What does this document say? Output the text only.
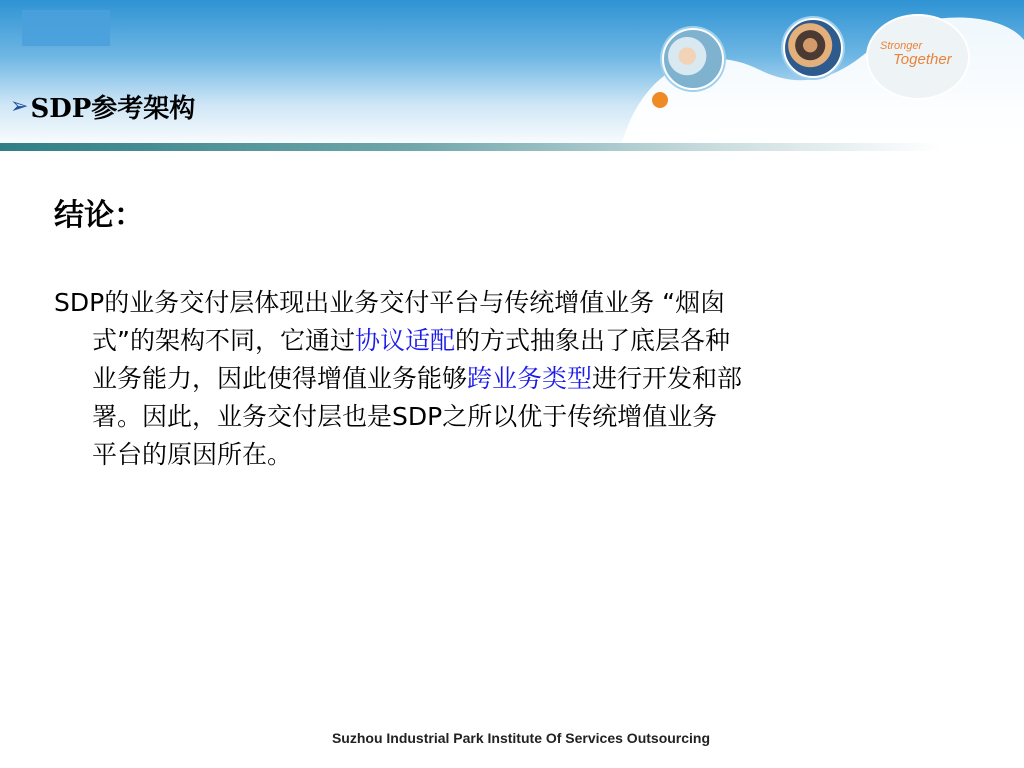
➢ SDP参考架构
Stronger
Together
结论：
SDP的业务交付层体现出业务交付平台与传统增值业务 “烟囱
式”的架构不同，它通过协议适配的方式抽象出了底层各种
业务能力，因此使得增值业务能够跨业务类型进行开发和部
署。因此，业务交付层也是SDP之所以优于传统增值业务
平台的原因所在。
Suzhou Industrial Park Institute Of Services Outsourcing
